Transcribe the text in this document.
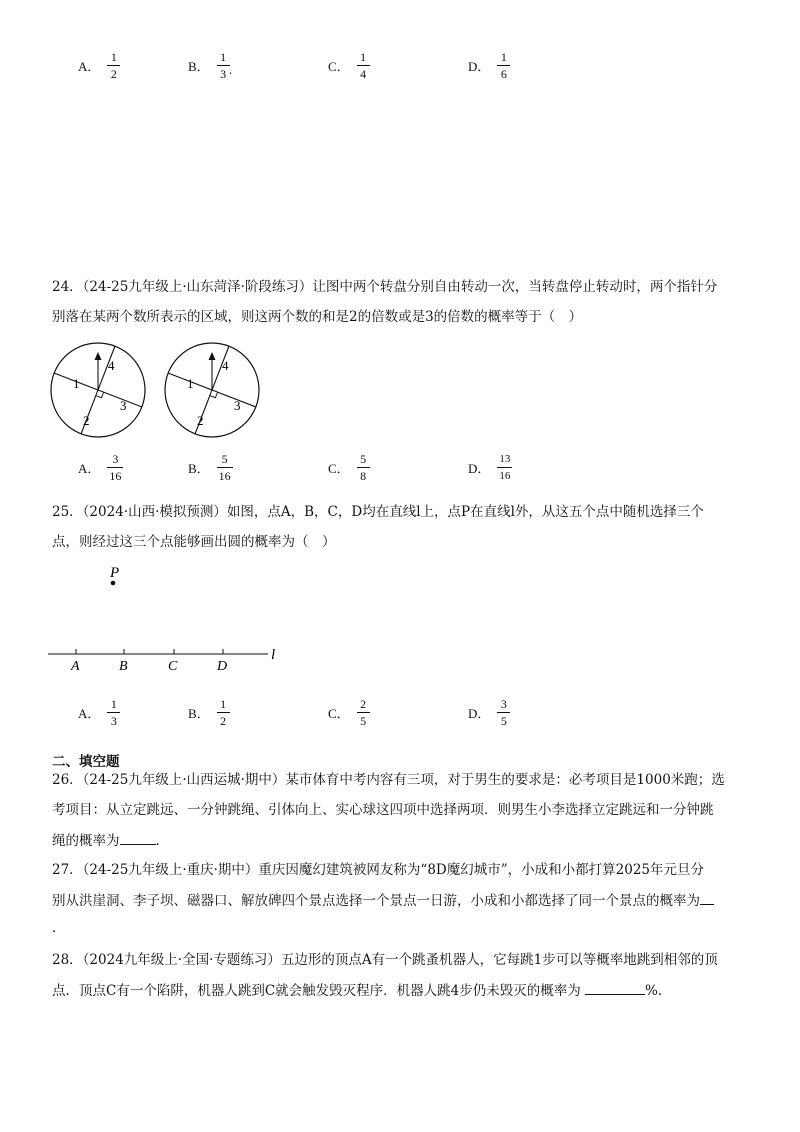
A． $\frac{1}{2}$	B． $\frac{1}{3}$ .	C． $\frac{1}{4}$	D． $\frac{1}{6}$
24．（24-25九年级上·山东菏泽·阶段练习）让图中两个转盘分别自由转动一次，当转盘停止转动时，两个指针分
别落在某两个数所表示的区域，则这两个数的和是2的倍数或是3的倍数的概率等于（　）
1
2
3
4
1
2
3
4
A． $\frac{3}{16}$	B． $\frac{5}{16}$	C． $\frac{5}{8}$	D． $\frac{13}{16}$
25．（2024·山西·模拟预测）如图，点A，B，C，D均在直线l上，点P在直线l外，从这五个点中随机选择三个
点，则经过这三个点能够画出圆的概率为（　）
P
l
A	B	C	D
A． $\frac{1}{3}$	B． $\frac{1}{2}$	C． $\frac{2}{5}$	D． $\frac{3}{5}$
二、填空题
26．（24-25九年级上·山西运城·期中）某市体育中考内容有三项，对于男生的要求是：必考项目是1000米跑；选
考项目：从立定跳远、一分钟跳绳、引体向上、实心球这四项中选择两项．则男生小李选择立定跳远和一分钟跳
绳的概率为	．
27．（24-25九年级上·重庆·期中）重庆因魔幻建筑被网友称为“8D魔幻城市”，小成和小都打算2025年元旦分
别从洪崖洞、李子坝、磁器口、解放碑四个景点选择一个景点一日游，小成和小都选择了同一个景点的概率为
．
28．（2024九年级上·全国·专题练习）五边形的顶点A有一个跳蚤机器人，它每跳1步可以等概率地跳到相邻的顶
点．顶点C有一个陷阱，机器人跳到C就会触发毁灭程序．机器人跳4步仍未毁灭的概率为	%.
